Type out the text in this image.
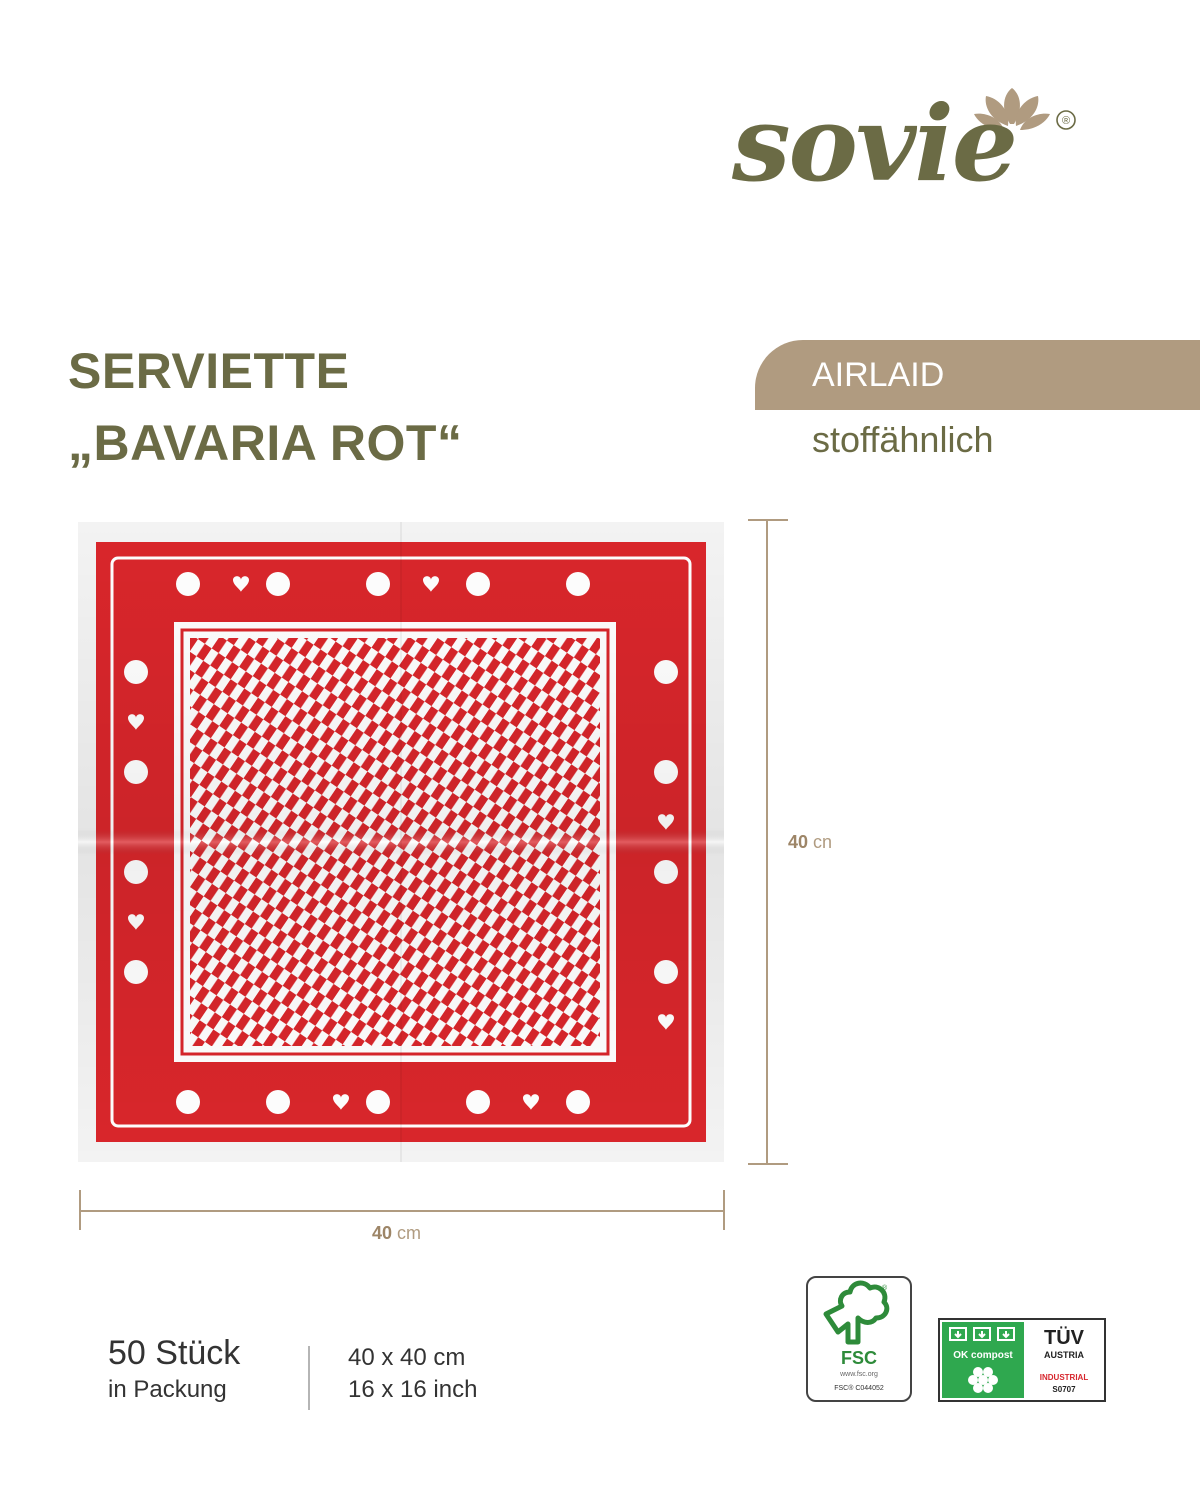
®
sovie
SERVIETTE
„BAVARIA ROT“
AIRLAID
stoffähnlich
40 cn
40 cm
50 Stück
in Packung
40 x 40 cm
16 x 16 inch
®
FSC
www.fsc.org
FSC® C044052
OK compost
TÜV
AUSTRIA
INDUSTRIAL
S0707
